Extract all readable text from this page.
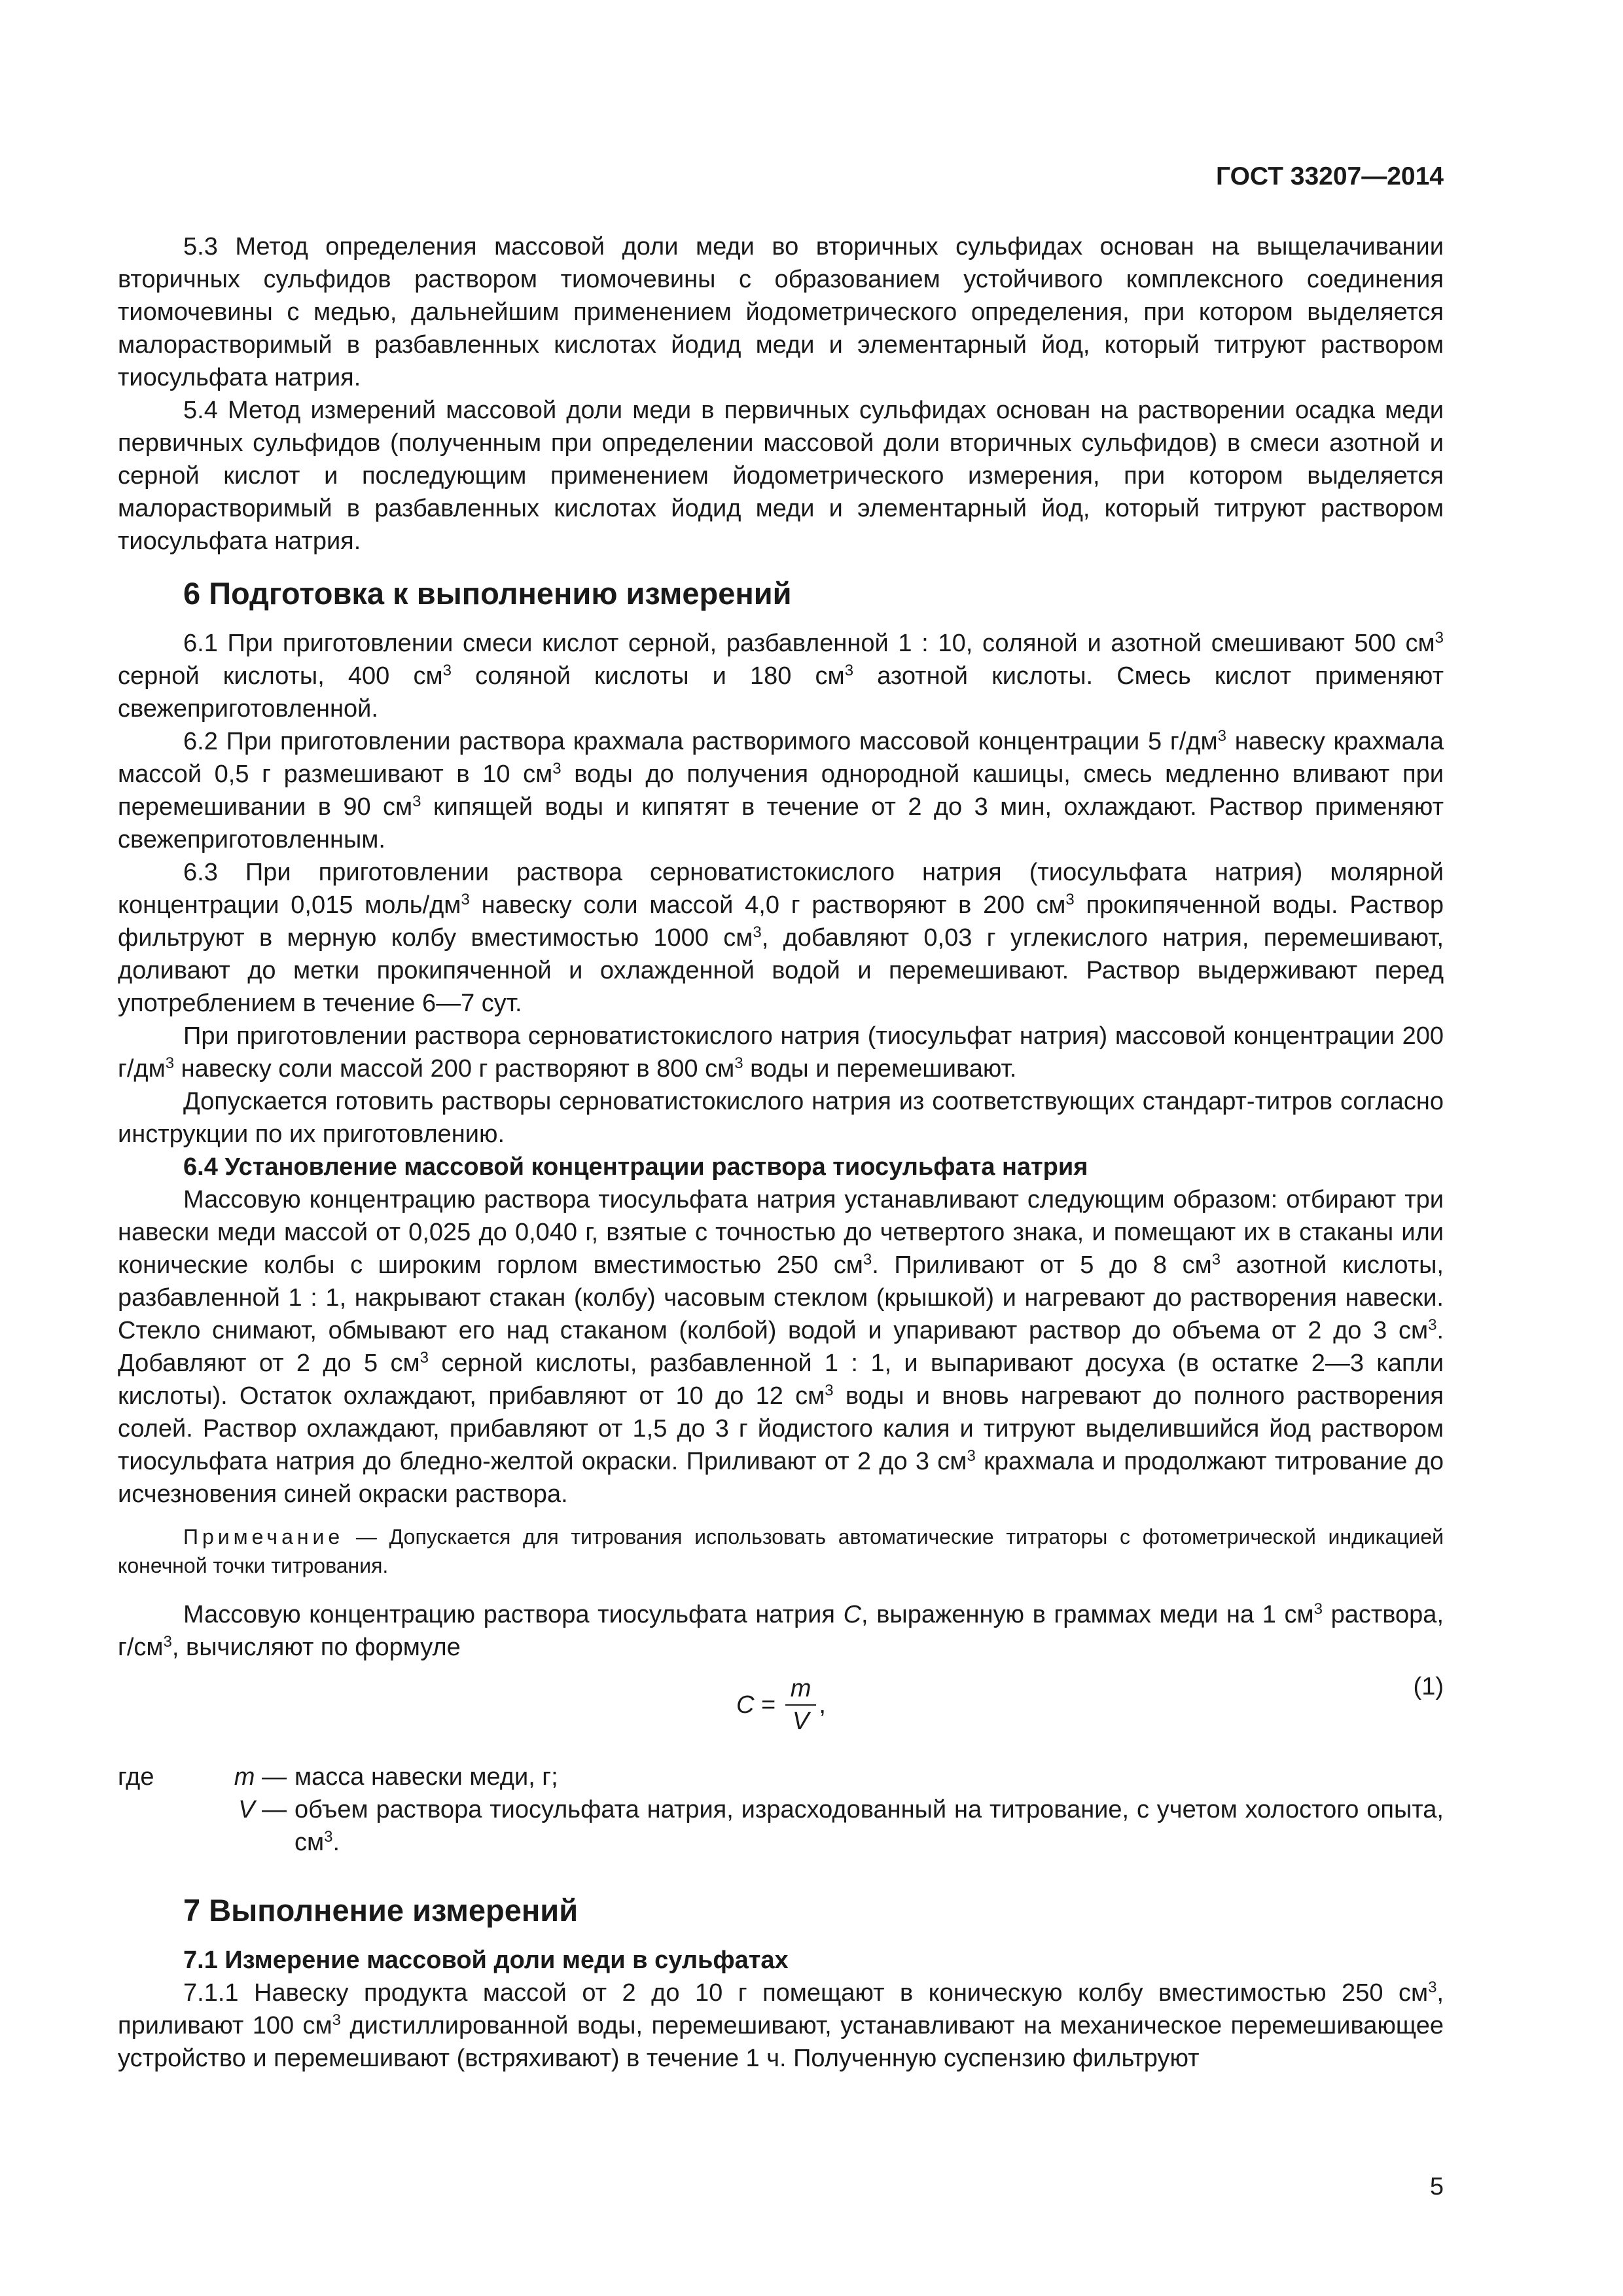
ГОСТ 33207—2014

5.3 Метод определения массовой доли меди во вторичных сульфидах основан на выщелачивании вторичных сульфидов раствором тиомочевины с образованием устойчивого комплексного соединения тиомочевины с медью, дальнейшим применением йодометрического определения, при котором выделяется малорастворимый в разбавленных кислотах йодид меди и элементарный йод, который титруют раствором тиосульфата натрия.

5.4 Метод измерений массовой доли меди в первичных сульфидах основан на растворении осадка меди первичных сульфидов (полученным при определении массовой доли вторичных сульфидов) в смеси азотной и серной кислот и последующим применением йодометрического измерения, при котором выделяется малорастворимый в разбавленных кислотах йодид меди и элементарный йод, который титруют раствором тиосульфата натрия.

6 Подготовка к выполнению измерений

6.1 При приготовлении смеси кислот серной, разбавленной 1 : 10, соляной и азотной смешивают 500 $см^3$ серной кислоты, 400 $см^3$ соляной кислоты и 180 $см^3$ азотной кислоты. Смесь кислот применяют свежеприготовленной.

6.2 При приготовлении раствора крахмала растворимого массовой концентрации 5 $г/дм^3$ навеску крахмала массой 0,5 г размешивают в 10 $см^3$ воды до получения однородной кашицы, смесь медленно вливают при перемешивании в 90 $см^3$ кипящей воды и кипятят в течение от 2 до 3 мин, охлаждают. Раствор применяют свежеприготовленным.

6.3 При приготовлении раствора серноватистокислого натрия (тиосульфата натрия) молярной концентрации 0,015 моль/$дм^3$ навеску соли массой 4,0 г растворяют в 200 $см^3$ прокипяченной воды. Раствор фильтруют в мерную колбу вместимостью 1000 $см^3$, добавляют 0,03 г углекислого натрия, перемешивают, доливают до метки прокипяченной и охлажденной водой и перемешивают. Раствор выдерживают перед употреблением в течение 6—7 сут.

При приготовлении раствора серноватистокислого натрия (тиосульфат натрия) массовой концентрации 200 $г/дм^3$ навеску соли массой 200 г растворяют в 800 $см^3$ воды и перемешивают.

Допускается готовить растворы серноватистокислого натрия из соответствующих стандарт-титров согласно инструкции по их приготовлению.

6.4 Установление массовой концентрации раствора тиосульфата натрия

Массовую концентрацию раствора тиосульфата натрия устанавливают следующим образом: отбирают три навески меди массой от 0,025 до 0,040 г, взятые с точностью до четвертого знака, и помещают их в стаканы или конические колбы с широким горлом вместимостью 250 $см^3$. Приливают от 5 до 8 $см^3$ азотной кислоты, разбавленной 1 : 1, накрывают стакан (колбу) часовым стеклом (крышкой) и нагревают до растворения навески. Стекло снимают, обмывают его над стаканом (колбой) водой и упаривают раствор до объема от 2 до 3 $см^3$. Добавляют от 2 до 5 $см^3$ серной кислоты, разбавленной 1 : 1, и выпаривают досуха (в остатке 2—3 капли кислоты). Остаток охлаждают, прибавляют от 10 до 12 $см^3$ воды и вновь нагревают до полного растворения солей. Раствор охлаждают, прибавляют от 1,5 до 3 г йодистого калия и титруют выделившийся йод раствором тиосульфата натрия до бледно-желтой окраски. Приливают от 2 до 3 $см^3$ крахмала и продолжают титрование до исчезновения синей окраски раствора.

Примечание — Допускается для титрования использовать автоматические титраторы с фотометрической индикацией конечной точки титрования.

Массовую концентрацию раствора тиосульфата натрия C, выраженную в граммах меди на 1 $см^3$ раствора, $г/см^3$, вычисляют по формуле

$C = \frac{m}{V}$ ,
(1)
где	m — масса навески меди, г;
V — объем раствора тиосульфата натрия, израсходованный на титрование, с учетом холостого опыта, $см^3$.
7 Выполнение измерений
7.1 Измерение массовой доли меди в сульфатах

7.1.1 Навеску продукта массой от 2 до 10 г помещают в коническую колбу вместимостью 250 $см^3$, приливают 100 $см^3$ дистиллированной воды, перемешивают, устанавливают на механическое перемешивающее устройство и перемешивают (встряхивают) в течение 1 ч. Полученную суспензию фильтруют

5
